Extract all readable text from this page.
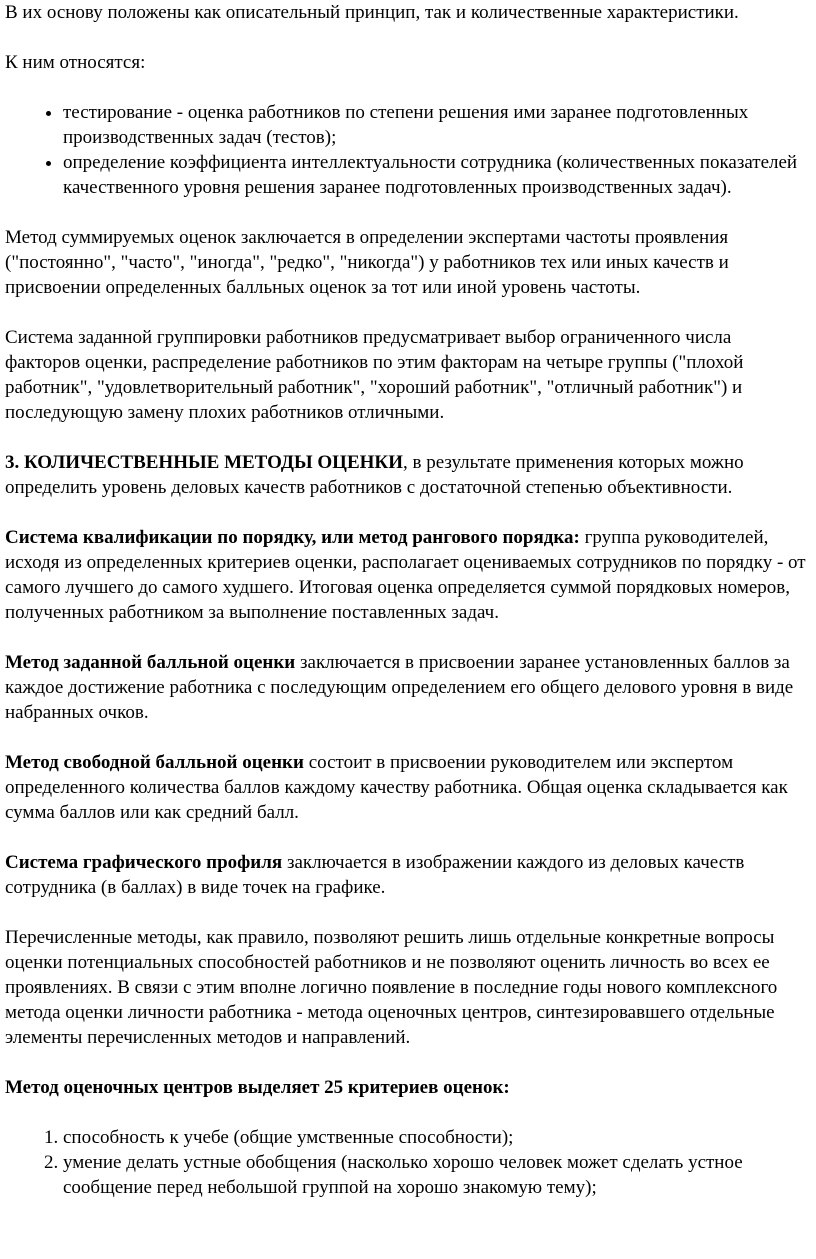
В их основу положены как описательный принцип, так и количественные характеристики.

К ним относятся:

• тестирование - оценка работников по степени решения ими заранее подготовленных производственных задач (тестов);
• определение коэффициента интеллектуальности сотрудника (количественных показателей качественного уровня решения заранее подготовленных производственных задач).

Метод суммируемых оценок заключается в определении экспертами частоты проявления ("постоянно", "часто", "иногда", "редко", "никогда") у работников тех или иных качеств и присвоении определенных балльных оценок за тот или иной уровень частоты.

Система заданной группировки работников предусматривает выбор ограниченного числа факторов оценки, распределение работников по этим факторам на четыре группы ("плохой работник", "удовлетворительный работник", "хороший работник", "отличный работник") и последующую замену плохих работников отличными.

3. КОЛИЧЕСТВЕННЫЕ МЕТОДЫ ОЦЕНКИ, в результате применения которых можно определить уровень деловых качеств работников с достаточной степенью объективности.

Система квалификации по порядку, или метод рангового порядка: группа руководителей, исходя из определенных критериев оценки, располагает оцениваемых сотрудников по порядку - от самого лучшего до самого худшего. Итоговая оценка определяется суммой порядковых номеров, полученных работником за выполнение поставленных задач.

Метод заданной балльной оценки заключается в присвоении заранее установленных баллов за каждое достижение работника с последующим определением его общего делового уровня в виде набранных очков.

Метод свободной балльной оценки состоит в присвоении руководителем или экспертом определенного количества баллов каждому качеству работника. Общая оценка складывается как сумма баллов или как средний балл.

Система графического профиля заключается в изображении каждого из деловых качеств сотрудника (в баллах) в виде точек на графике.

Перечисленные методы, как правило, позволяют решить лишь отдельные конкретные вопросы оценки потенциальных способностей работников и не позволяют оценить личность во всех ее проявлениях. В связи с этим вполне логично появление в последние годы нового комплексного метода оценки личности работника - метода оценочных центров, синтезировавшего отдельные элементы перечисленных методов и направлений.

Метод оценочных центров выделяет 25 критериев оценок:

1. способность к учебе (общие умственные способности);
2. умение делать устные обобщения (насколько хорошо человек может сделать устное сообщение перед небольшой группой на хорошо знакомую тему);
